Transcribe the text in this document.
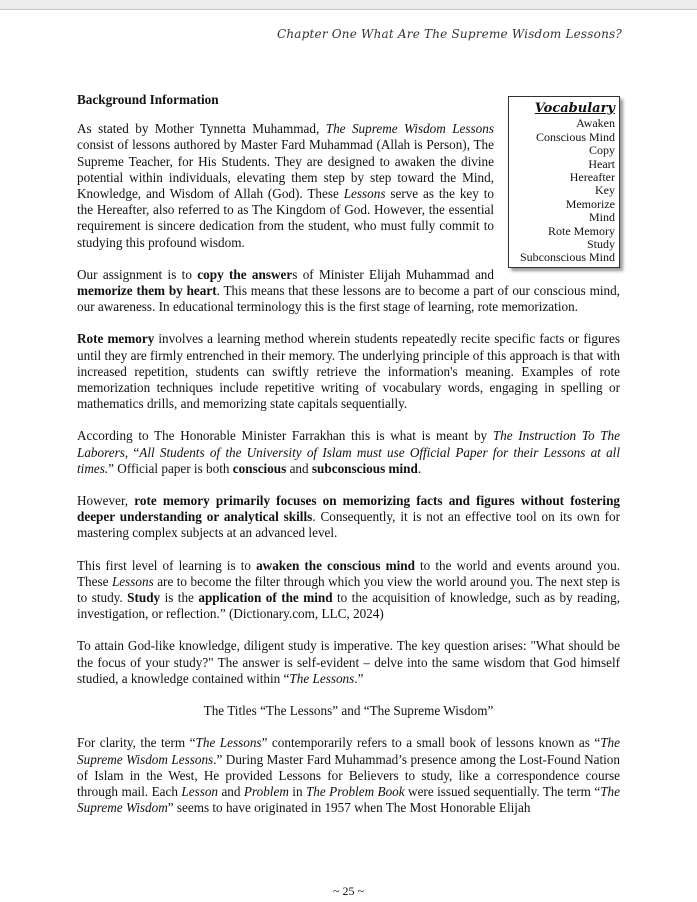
Chapter One What Are The Supreme Wisdom Lessons?
Vocabulary
Awaken
Conscious Mind
Copy
Heart
Hereafter
Key
Memorize
Mind
Rote Memory
Study
Subconscious Mind

Background Information

As stated by Mother Tynnetta Muhammad, The Supreme Wisdom Lessons consist of lessons authored by Master Fard Muhammad (Allah is Person), The Supreme Teacher, for His Students. They are designed to awaken the divine potential within individuals, elevating them step by step toward the Mind, Knowledge, and Wisdom of Allah (God). These Lessons serve as the key to the Hereafter, also referred to as The Kingdom of God. However, the essential requirement is sincere dedication from the student, who must fully commit to studying this profound wisdom.

Our assignment is to copy the answers of Minister Elijah Muhammad and memorize them by heart. This means that these lessons are to become a part of our conscious mind, our awareness. In educational terminology this is the first stage of learning, rote memorization.

Rote memory involves a learning method wherein students repeatedly recite specific facts or figures until they are firmly entrenched in their memory. The underlying principle of this approach is that with increased repetition, students can swiftly retrieve the information's meaning. Examples of rote memorization techniques include repetitive writing of vocabulary words, engaging in spelling or mathematics drills, and memorizing state capitals sequentially.

According to The Honorable Minister Farrakhan this is what is meant by The Instruction To The Laborers, “All Students of the University of Islam must use Official Paper for their Lessons at all times.” Official paper is both conscious and subconscious mind.

However, rote memory primarily focuses on memorizing facts and figures without fostering deeper understanding or analytical skills. Consequently, it is not an effective tool on its own for mastering complex subjects at an advanced level.

This first level of learning is to awaken the conscious mind to the world and events around you. These Lessons are to become the filter through which you view the world around you. The next step is to study. Study is the application of the mind to the acquisition of knowledge, such as by reading, investigation, or reflection.” (Dictionary.com, LLC, 2024)

To attain God-like knowledge, diligent study is imperative. The key question arises: "What should be the focus of your study?" The answer is self-evident – delve into the same wisdom that God himself studied, a knowledge contained within “The Lessons.”

The Titles “The Lessons” and “The Supreme Wisdom”

For clarity, the term “The Lessons” contemporarily refers to a small book of lessons known as “The Supreme Wisdom Lessons.” During Master Fard Muhammad’s presence among the Lost-Found Nation of Islam in the West, He provided Lessons for Believers to study, like a correspondence course through mail. Each Lesson and Problem in The Problem Book were issued sequentially. The term “The Supreme Wisdom” seems to have originated in 1957 when The Most Honorable Elijah

~ 25 ~
